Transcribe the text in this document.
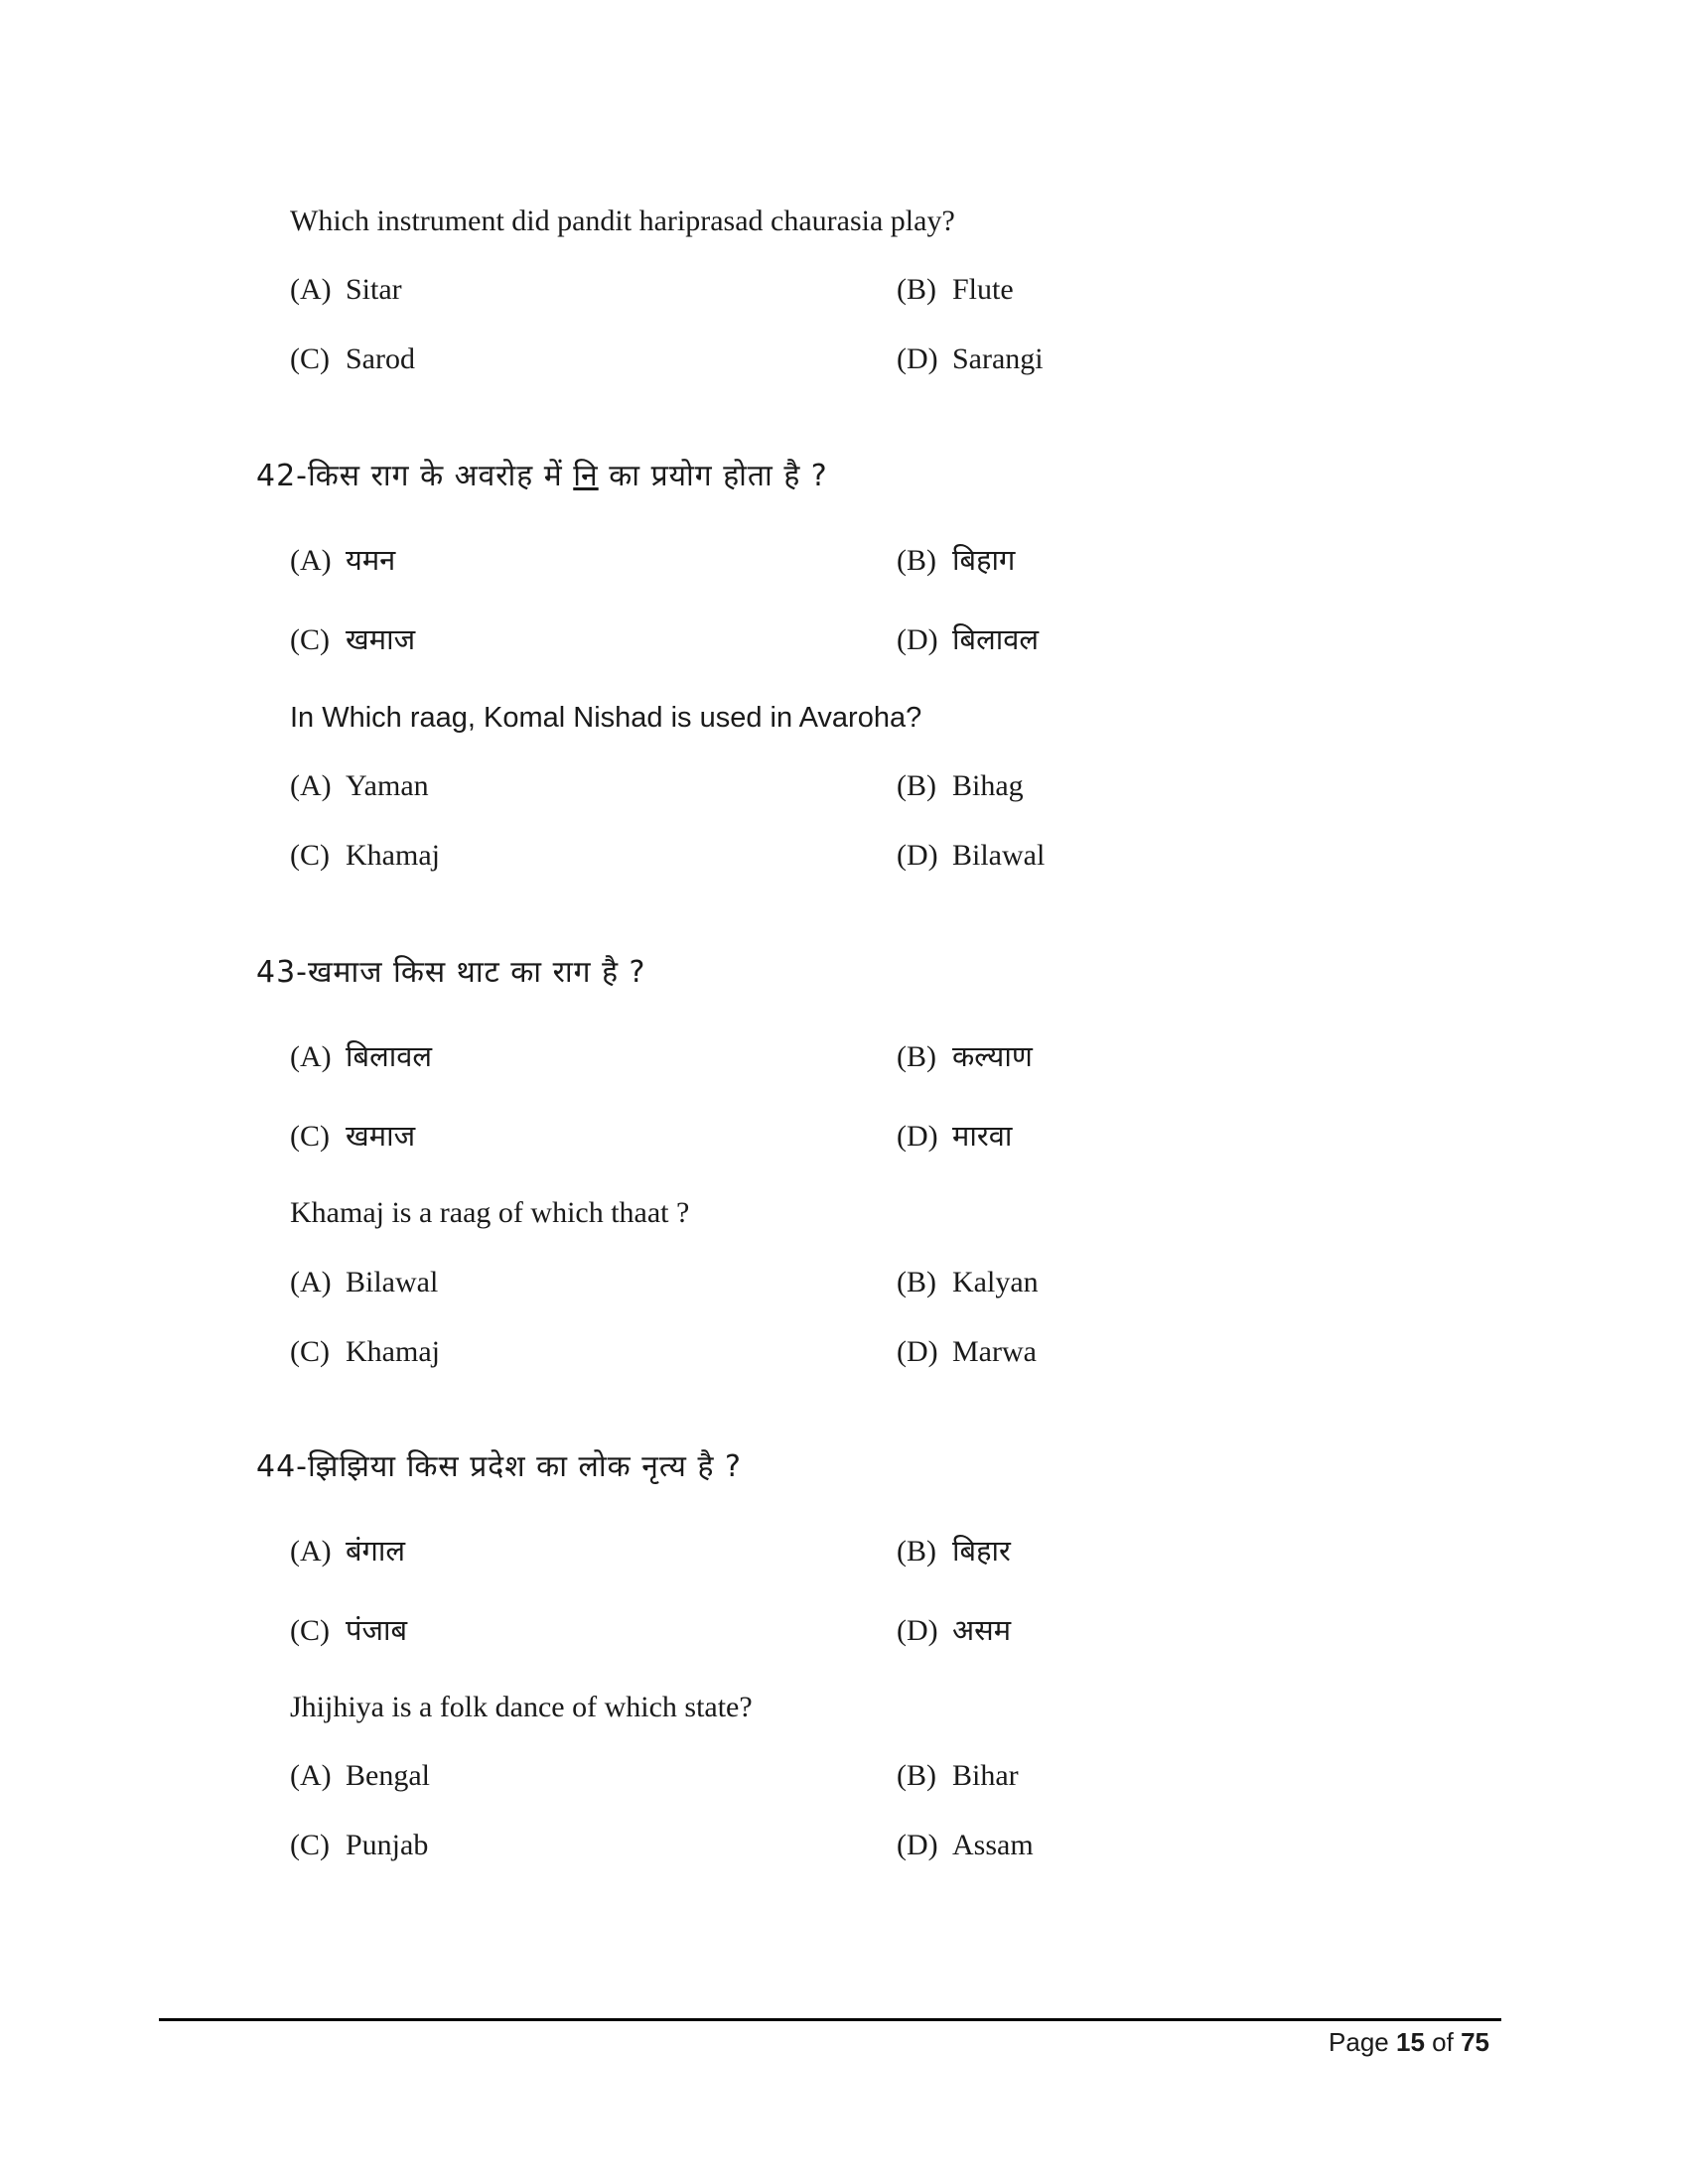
Which instrument did pandit hariprasad chaurasia play?
(A) Sitar	(B) Flute
(C) Sarod	(D) Sarangi
42-किस राग के अवरोह में नि का प्रयोग होता है ?
(A) यमन	(B) बिहाग
(C) खमाज	(D) बिलावल
In Which raag, Komal Nishad is used in Avaroha?
(A) Yaman	(B) Bihag
(C) Khamaj	(D) Bilawal
43-खमाज किस थाट का राग है ?
(A) बिलावल	(B) कल्याण
(C) खमाज	(D) मारवा
Khamaj is a raag of which thaat ?
(A) Bilawal	(B) Kalyan
(C) Khamaj	(D) Marwa
44-झिझिया किस प्रदेश का लोक नृत्य है ?
(A) बंगाल	(B) बिहार
(C) पंजाब	(D) असम
Jhijhiya is a folk dance of which state?
(A) Bengal	(B) Bihar
(C) Punjab	(D) Assam
Page 15 of 75
